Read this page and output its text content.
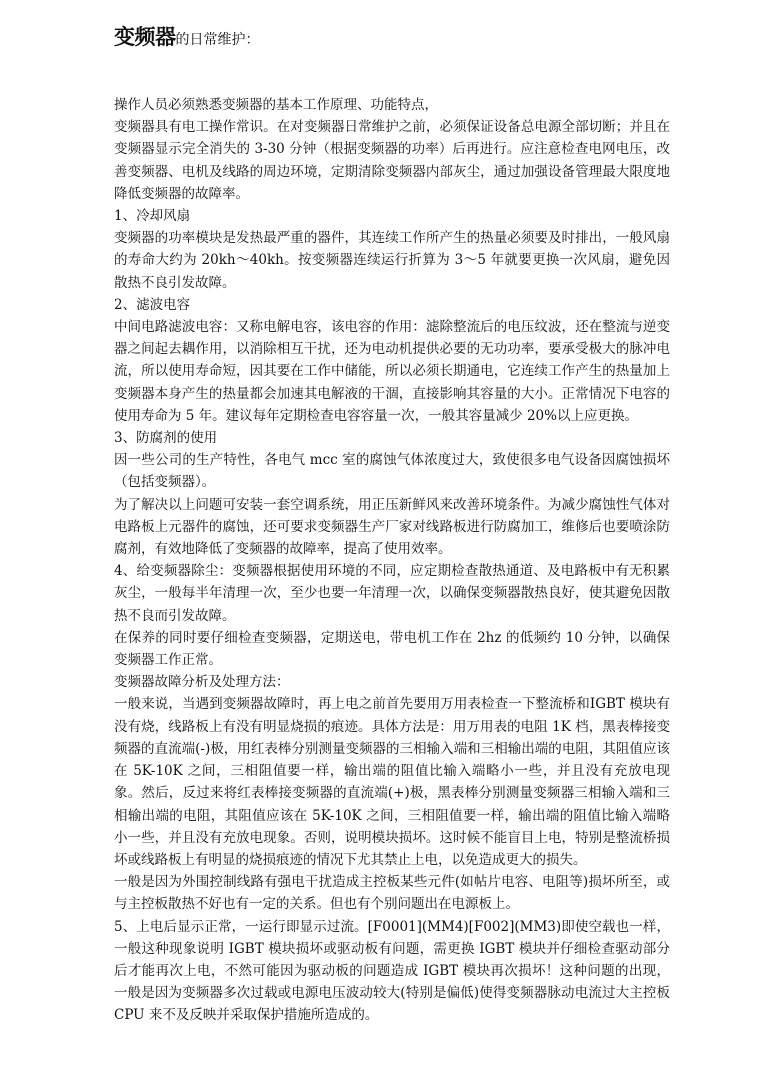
变频器的日常维护：

操作人员必须熟悉变频器的基本工作原理、功能特点，

变频器具有电工操作常识。在对变频器日常维护之前，必须保证设备总电源全部切断；并且在变频器显示完全消失的 3-30 分钟（根据变频器的功率）后再进行。应注意检查电网电压，改善变频器、电机及线路的周边环境，定期清除变频器内部灰尘，通过加强设备管理最大限度地降低变频器的故障率。

1、冷却风扇

变频器的功率模块是发热最严重的器件，其连续工作所产生的热量必须要及时排出，一般风扇的寿命大约为 20kh～40kh。按变频器连续运行折算为 3～5 年就要更换一次风扇，避免因散热不良引发故障。

2、滤波电容

中间电路滤波电容：又称电解电容，该电容的作用：滤除整流后的电压纹波，还在整流与逆变器之间起去耦作用，以消除相互干扰，还为电动机提供必要的无功功率，要承受极大的脉冲电流，所以使用寿命短，因其要在工作中储能，所以必须长期通电，它连续工作产生的热量加上变频器本身产生的热量都会加速其电解液的干涸，直接影响其容量的大小。正常情况下电容的使用寿命为 5 年。建议每年定期检查电容容量一次，一般其容量减少 20%以上应更换。

3、防腐剂的使用

因一些公司的生产特性，各电气 mcc 室的腐蚀气体浓度过大，致使很多电气设备因腐蚀损坏（包括变频器）。

为了解决以上问题可安装一套空调系统，用正压新鲜风来改善环境条件。为减少腐蚀性气体对电路板上元器件的腐蚀，还可要求变频器生产厂家对线路板进行防腐加工，维修后也要喷涂防腐剂，有效地降低了变频器的故障率，提高了使用效率。

4、给变频器除尘：变频器根据使用环境的不同，应定期检查散热通道、及电路板中有无积累灰尘，一般每半年清理一次，至少也要一年清理一次，以确保变频器散热良好，使其避免因散热不良而引发故障。

在保养的同时要仔细检查变频器，定期送电，带电机工作在 2hz 的低频约 10 分钟，以确保变频器工作正常。

变频器故障分析及处理方法：

一般来说，当遇到变频器故障时，再上电之前首先要用万用表检查一下整流桥和IGBT 模块有没有烧，线路板上有没有明显烧损的痕迹。具体方法是：用万用表的电阻 1K 档，黑表棒接变频器的直流端(-)极，用红表棒分别测量变频器的三相输入端和三相输出端的电阻，其阻值应该在 5K-10K 之间，三相阻值要一样，输出端的阻值比输入端略小一些，并且没有充放电现象。然后，反过来将红表棒接变频器的直流端(+)极，黑表棒分别测量变频器三相输入端和三相输出端的电阻，其阻值应该在 5K-10K 之间，三相阻值要一样，输出端的阻值比输入端略小一些，并且没有充放电现象。否则，说明模块损坏。这时候不能盲目上电，特别是整流桥损坏或线路板上有明显的烧损痕迹的情况下尤其禁止上电，以免造成更大的损失。

一般是因为外围控制线路有强电干扰造成主控板某些元件(如帖片电容、电阻等)损坏所至，或与主控板散热不好也有一定的关系。但也有个别问题出在电源板上。

5、上电后显示正常，一运行即显示过流。[F0001](MM4)[F002](MM3)即使空载也一样，一般这种现象说明 IGBT 模块损坏或驱动板有问题，需更换 IGBT 模块并仔细检查驱动部分后才能再次上电，不然可能因为驱动板的问题造成 IGBT 模块再次损坏！这种问题的出现，一般是因为变频器多次过载或电源电压波动较大(特别是偏低)使得变频器脉动电流过大主控板 CPU 来不及反映并采取保护措施所造成的。
